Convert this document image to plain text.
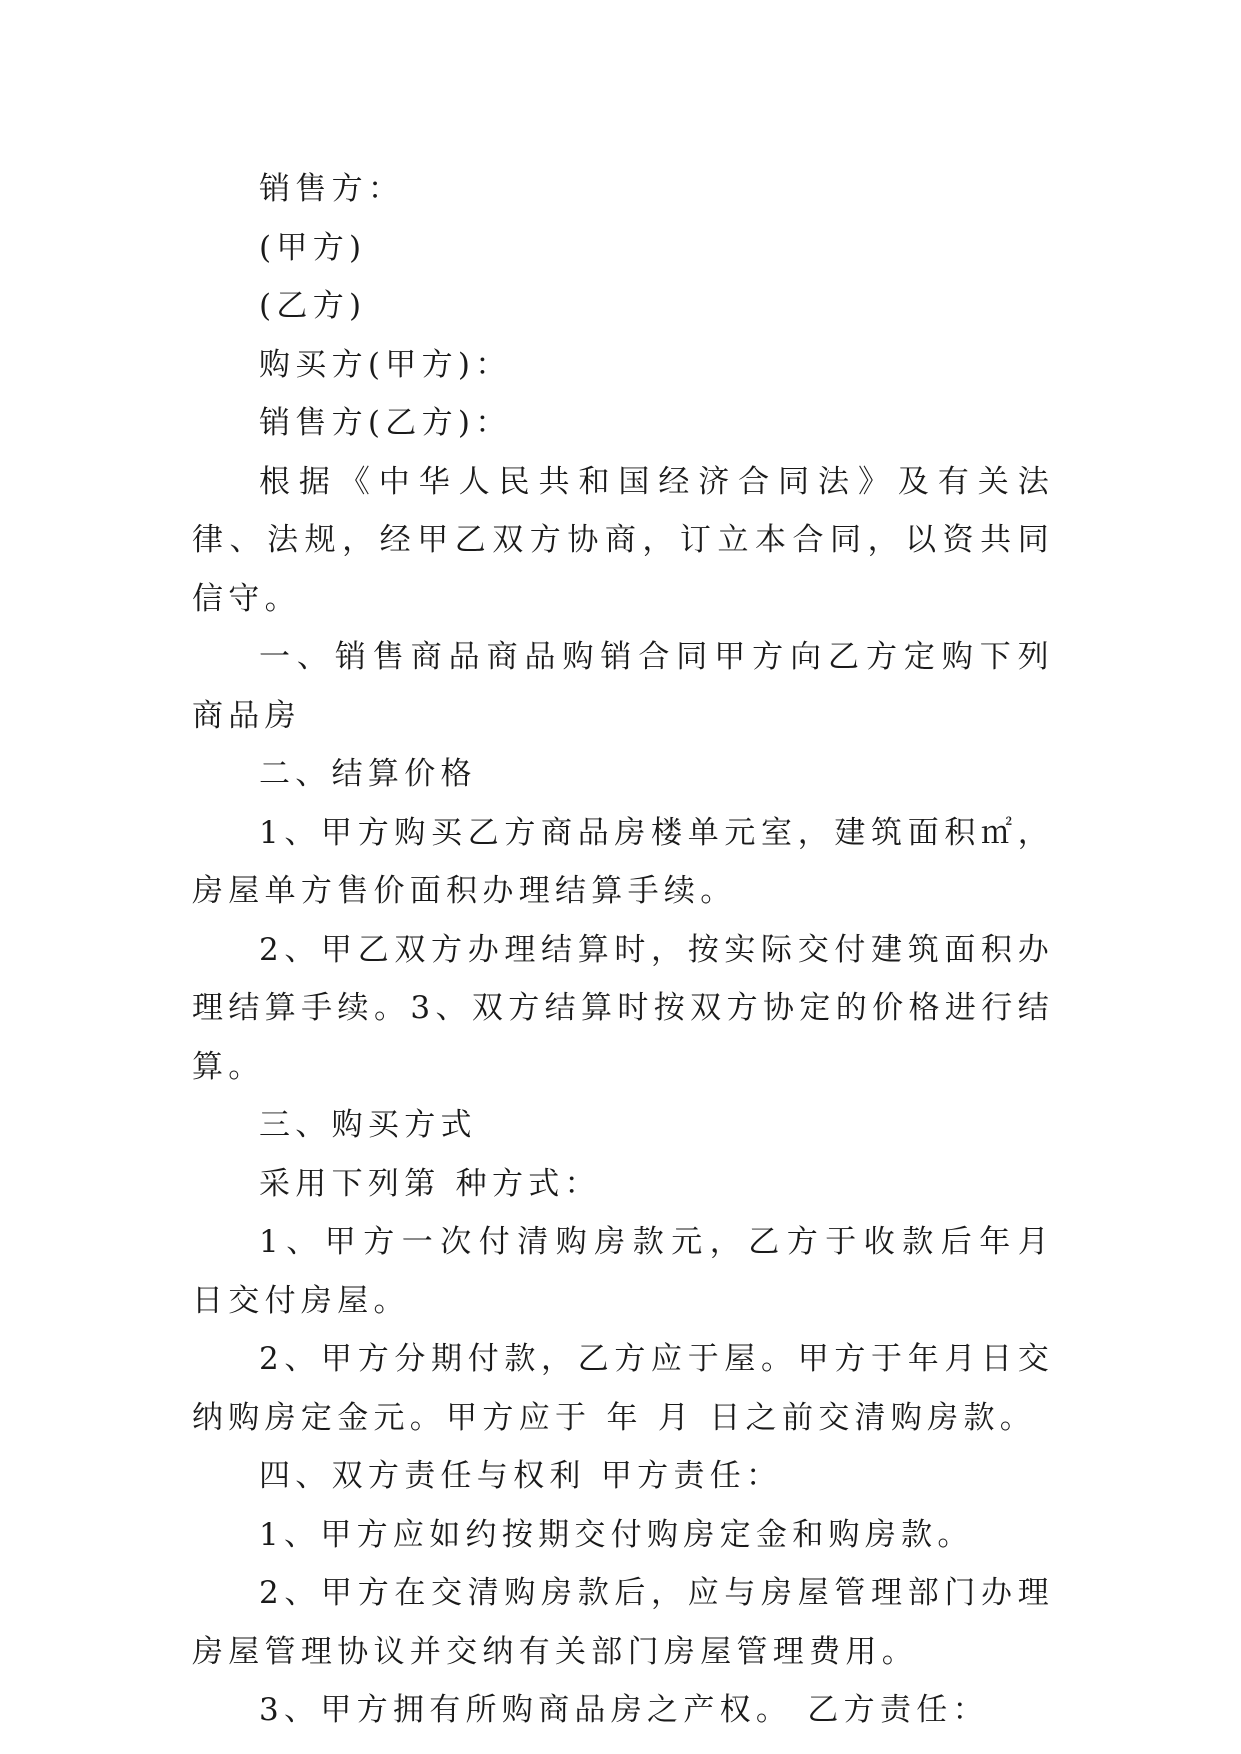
销售方：

(甲方)

(乙方)

购买方(甲方)：

销售方(乙方)：

根据《中华人民共和国经济合同法》及有关法律、法规，经甲乙双方协商，订立本合同，以资共同信守。

一、销售商品商品购销合同甲方向乙方定购下列商品房

二、结算价格

1、甲方购买乙方商品房楼单元室，建筑面积㎡，房屋单方售价面积办理结算手续。

2、甲乙双方办理结算时，按实际交付建筑面积办理结算手续。3、双方结算时按双方协定的价格进行结算。

三、购买方式

采用下列第 种方式：

1、甲方一次付清购房款元，乙方于收款后年月 日交付房屋。

2、甲方分期付款，乙方应于屋。甲方于年月日交纳购房定金元。甲方应于 年 月 日之前交清购房款。

四、双方责任与权利 甲方责任：

1、甲方应如约按期交付购房定金和购房款。

2、甲方在交清购房款后，应与房屋管理部门办理房屋管理协议并交纳有关部门房屋管理费用。

3、甲方拥有所购商品房之产权。 乙方责任：
